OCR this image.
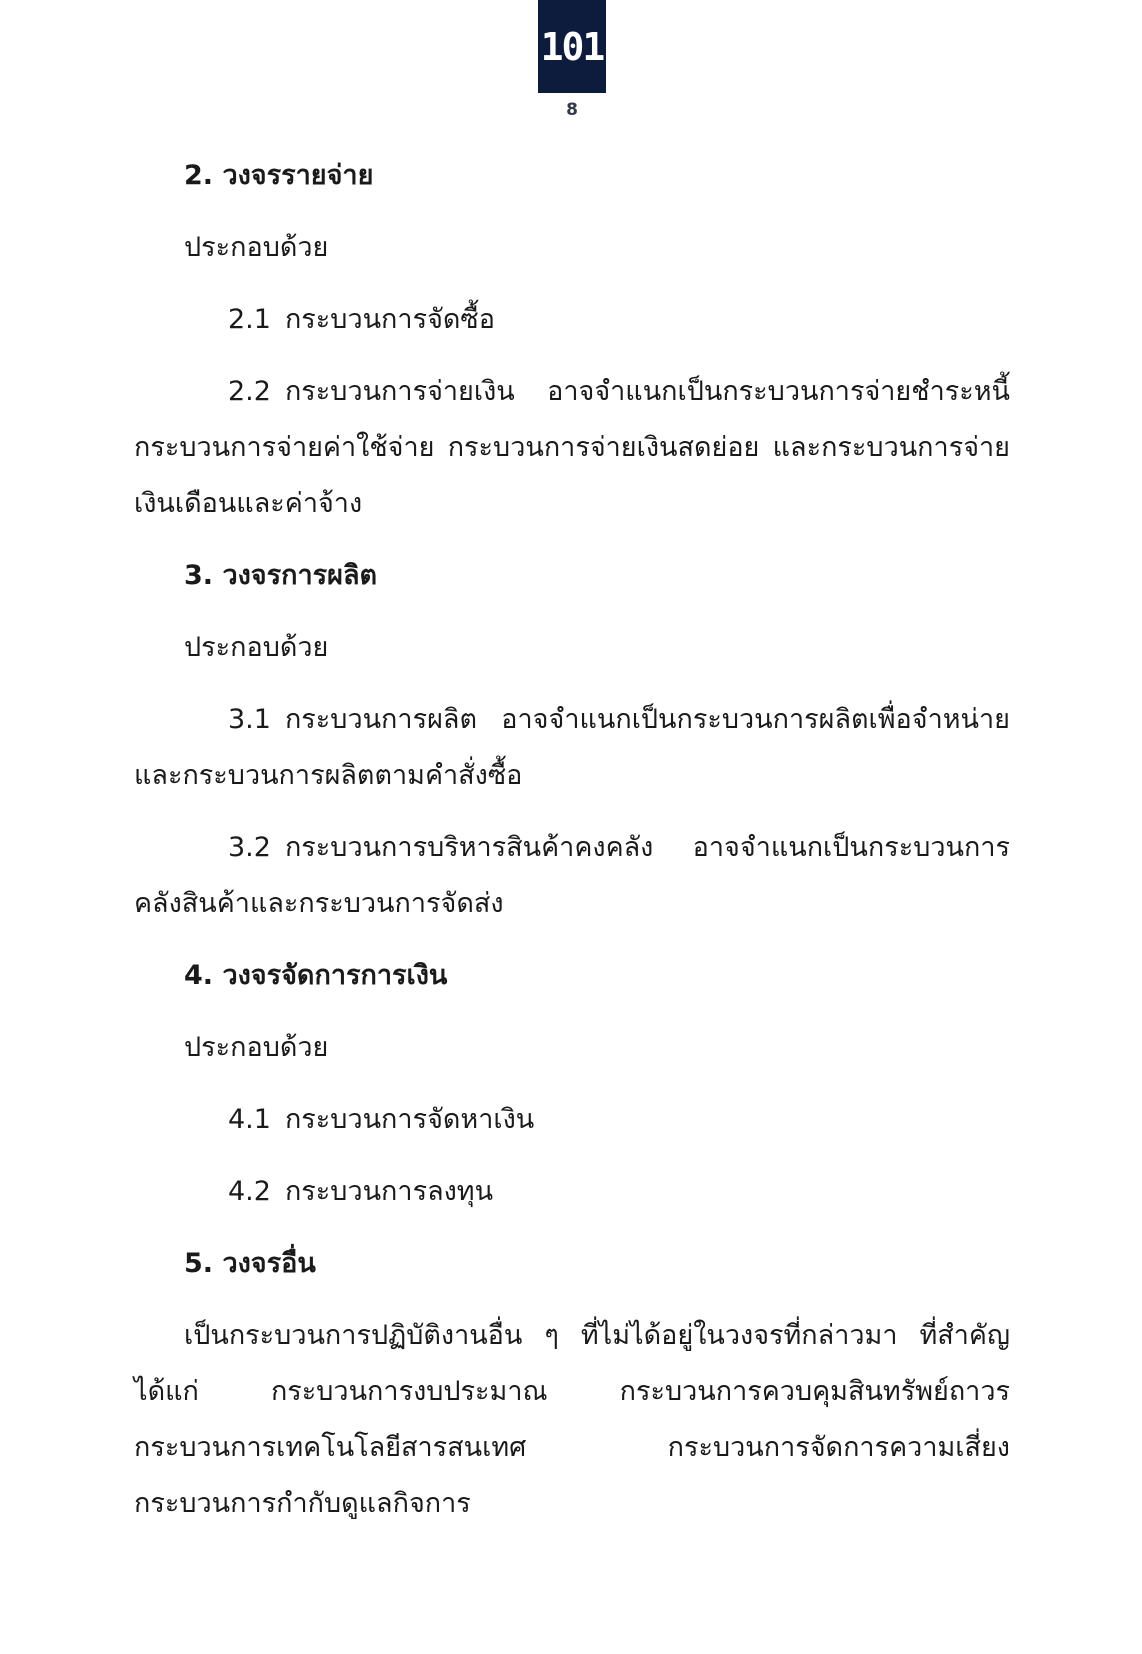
101
8
2. วงจรรายจ่าย
ประกอบด้วย
2.1 กระบวนการจัดซื้อ
2.2 กระบวนการจ่ายเงิน อาจจำแนกเป็นกระบวนการจ่ายชำระหนี้ กระบวนการจ่ายค่าใช้จ่าย กระบวนการจ่ายเงินสดย่อย และกระบวนการจ่ายเงินเดือนและค่าจ้าง
3. วงจรการผลิต
ประกอบด้วย
3.1 กระบวนการผลิต อาจจำแนกเป็นกระบวนการผลิตเพื่อจำหน่าย และกระบวนการผลิตตามคำสั่งซื้อ
3.2 กระบวนการบริหารสินค้าคงคลัง อาจจำแนกเป็นกระบวนการคลังสินค้าและกระบวนการจัดส่ง
4. วงจรจัดการการเงิน
ประกอบด้วย
4.1 กระบวนการจัดหาเงิน
4.2 กระบวนการลงทุน
5. วงจรอื่น
เป็นกระบวนการปฏิบัติงานอื่น ๆ ที่ไม่ได้อยู่ในวงจรที่กล่าวมา ที่สำคัญ ได้แก่ กระบวนการงบประมาณ กระบวนการควบคุมสินทรัพย์ถาวร กระบวนการเทคโนโลยีสารสนเทศ กระบวนการจัดการความเสี่ยง กระบวนการกำกับดูแลกิจการ
